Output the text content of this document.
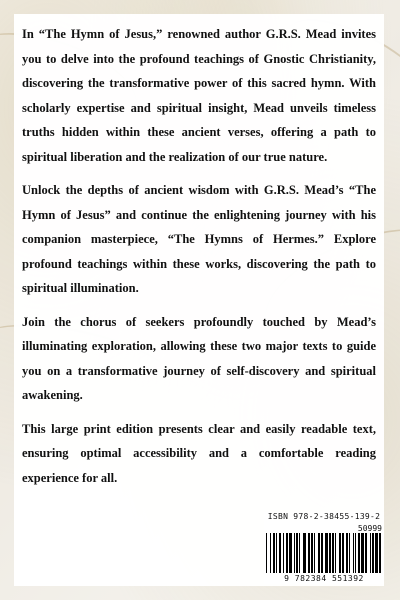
In “The Hymn of Jesus,” renowned author G.R.S. Mead invites you to delve into the profound teachings of Gnostic Christianity, discovering the transformative power of this sacred hymn. With scholarly expertise and spiritual insight, Mead unveils timeless truths hidden within these ancient verses, offering a path to spiritual liberation and the realization of our true nature.

Unlock the depths of ancient wisdom with G.R.S. Mead’s “The Hymn of Jesus” and continue the enlightening journey with his companion masterpiece, “The Hymns of Hermes.” Explore profound teachings within these works, discovering the path to spiritual illumination.

Join the chorus of seekers profoundly touched by Mead’s illuminating exploration, allowing these two major texts to guide you on a transformative journey of self-discovery and spiritual awakening.

This large print edition presents clear and easily readable text, ensuring optimal accessibility and a comfortable reading experience for all.

ISBN 978-2-38455-139-2
50999
9 782384 551392
